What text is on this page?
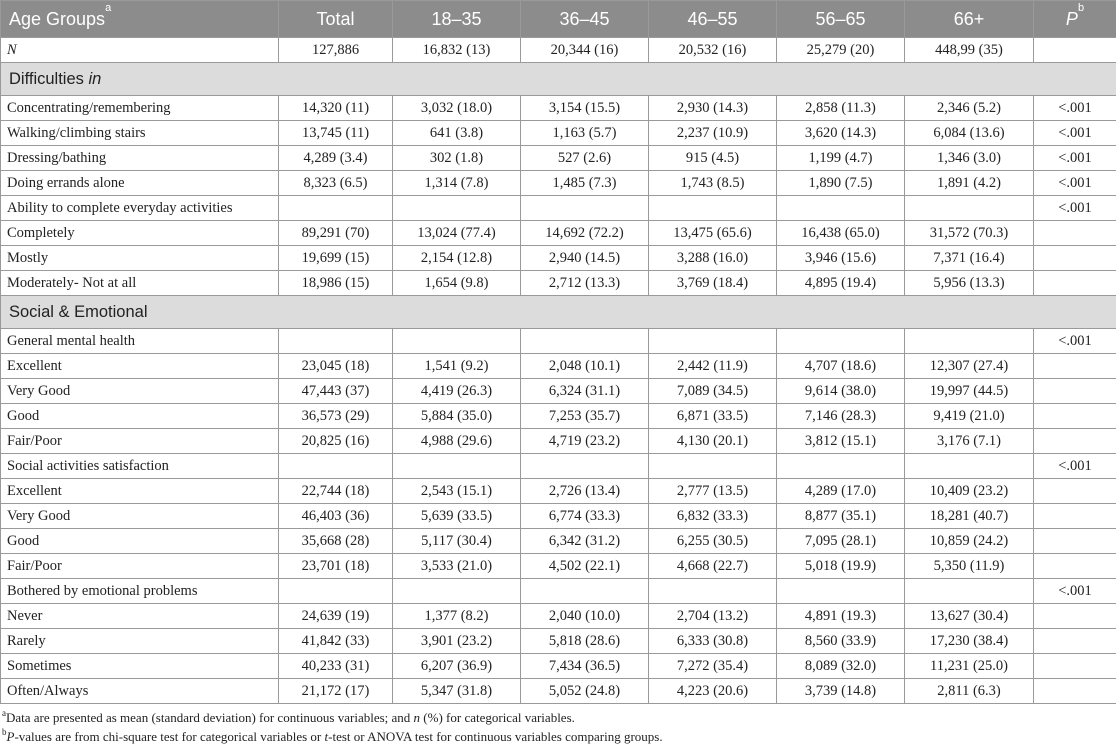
Age Groups$^a$	Total	18–35	36–45	46–55	56–65	66+	$P^b$
N	127,886	16,832 (13)	20,344 (16)	20,532 (16)	25,279 (20)	448,99 (35)	
Difficulties in							
Concentrating/remembering	14,320 (11)	3,032 (18.0)	3,154 (15.5)	2,930 (14.3)	2,858 (11.3)	2,346 (5.2)	<.001
Walking/climbing stairs	13,745 (11)	641 (3.8)	1,163 (5.7)	2,237 (10.9)	3,620 (14.3)	6,084 (13.6)	<.001
Dressing/bathing	4,289 (3.4)	302 (1.8)	527 (2.6)	915 (4.5)	1,199 (4.7)	1,346 (3.0)	<.001
Doing errands alone	8,323 (6.5)	1,314 (7.8)	1,485 (7.3)	1,743 (8.5)	1,890 (7.5)	1,891 (4.2)	<.001
Ability to complete everyday activities							<.001
Completely	89,291 (70)	13,024 (77.4)	14,692 (72.2)	13,475 (65.6)	16,438 (65.0)	31,572 (70.3)	
Mostly	19,699 (15)	2,154 (12.8)	2,940 (14.5)	3,288 (16.0)	3,946 (15.6)	7,371 (16.4)	
Moderately- Not at all	18,986 (15)	1,654 (9.8)	2,712 (13.3)	3,769 (18.4)	4,895 (19.4)	5,956 (13.3)	
Social & Emotional							
General mental health							<.001
Excellent	23,045 (18)	1,541 (9.2)	2,048 (10.1)	2,442 (11.9)	4,707 (18.6)	12,307 (27.4)	
Very Good	47,443 (37)	4,419 (26.3)	6,324 (31.1)	7,089 (34.5)	9,614 (38.0)	19,997 (44.5)	
Good	36,573 (29)	5,884 (35.0)	7,253 (35.7)	6,871 (33.5)	7,146 (28.3)	9,419 (21.0)	
Fair/Poor	20,825 (16)	4,988 (29.6)	4,719 (23.2)	4,130 (20.1)	3,812 (15.1)	3,176 (7.1)	
Social activities satisfaction							<.001
Excellent	22,744 (18)	2,543 (15.1)	2,726 (13.4)	2,777 (13.5)	4,289 (17.0)	10,409 (23.2)	
Very Good	46,403 (36)	5,639 (33.5)	6,774 (33.3)	6,832 (33.3)	8,877 (35.1)	18,281 (40.7)	
Good	35,668 (28)	5,117 (30.4)	6,342 (31.2)	6,255 (30.5)	7,095 (28.1)	10,859 (24.2)	
Fair/Poor	23,701 (18)	3,533 (21.0)	4,502 (22.1)	4,668 (22.7)	5,018 (19.9)	5,350 (11.9)	
Bothered by emotional problems							<.001
Never	24,639 (19)	1,377 (8.2)	2,040 (10.0)	2,704 (13.2)	4,891 (19.3)	13,627 (30.4)	
Rarely	41,842 (33)	3,901 (23.2)	5,818 (28.6)	6,333 (30.8)	8,560 (33.9)	17,230 (38.4)	
Sometimes	40,233 (31)	6,207 (36.9)	7,434 (36.5)	7,272 (35.4)	8,089 (32.0)	11,231 (25.0)	
Often/Always	21,172 (17)	5,347 (31.8)	5,052 (24.8)	4,223 (20.6)	3,739 (14.8)	2,811 (6.3)	
$^a$Data are presented as mean (standard deviation) for continuous variables; and n (%) for categorical variables.
$^b$P-values are from chi-square test for categorical variables or t-test or ANOVA test for continuous variables comparing groups.
